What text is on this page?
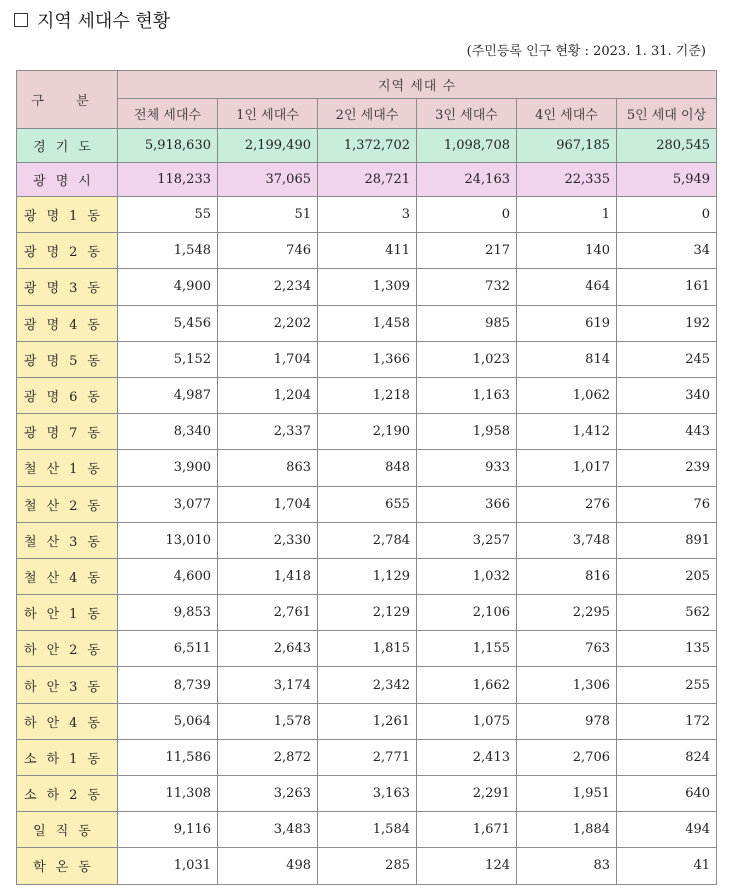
지역 세대수 현황
(주민등록 인구 현황 : 2023. 1. 31. 기준)
구 분	지역 세대 수					
	전체 세대수	1인 세대수	2인 세대수	3인 세대수	4인 세대수	5인 세대 이상
경기도	5,918,630	2,199,490	1,372,702	1,098,708	967,185	280,545
광명시	118,233	37,065	28,721	24,163	22,335	5,949
광명1동	55	51	3	0	1	0
광명2동	1,548	746	411	217	140	34
광명3동	4,900	2,234	1,309	732	464	161
광명4동	5,456	2,202	1,458	985	619	192
광명5동	5,152	1,704	1,366	1,023	814	245
광명6동	4,987	1,204	1,218	1,163	1,062	340
광명7동	8,340	2,337	2,190	1,958	1,412	443
철산1동	3,900	863	848	933	1,017	239
철산2동	3,077	1,704	655	366	276	76
철산3동	13,010	2,330	2,784	3,257	3,748	891
철산4동	4,600	1,418	1,129	1,032	816	205
하안1동	9,853	2,761	2,129	2,106	2,295	562
하안2동	6,511	2,643	1,815	1,155	763	135
하안3동	8,739	3,174	2,342	1,662	1,306	255
하안4동	5,064	1,578	1,261	1,075	978	172
소하1동	11,586	2,872	2,771	2,413	2,706	824
소하2동	11,308	3,263	3,163	2,291	1,951	640
일직동	9,116	3,483	1,584	1,671	1,884	494
학온동	1,031	498	285	124	83	41
